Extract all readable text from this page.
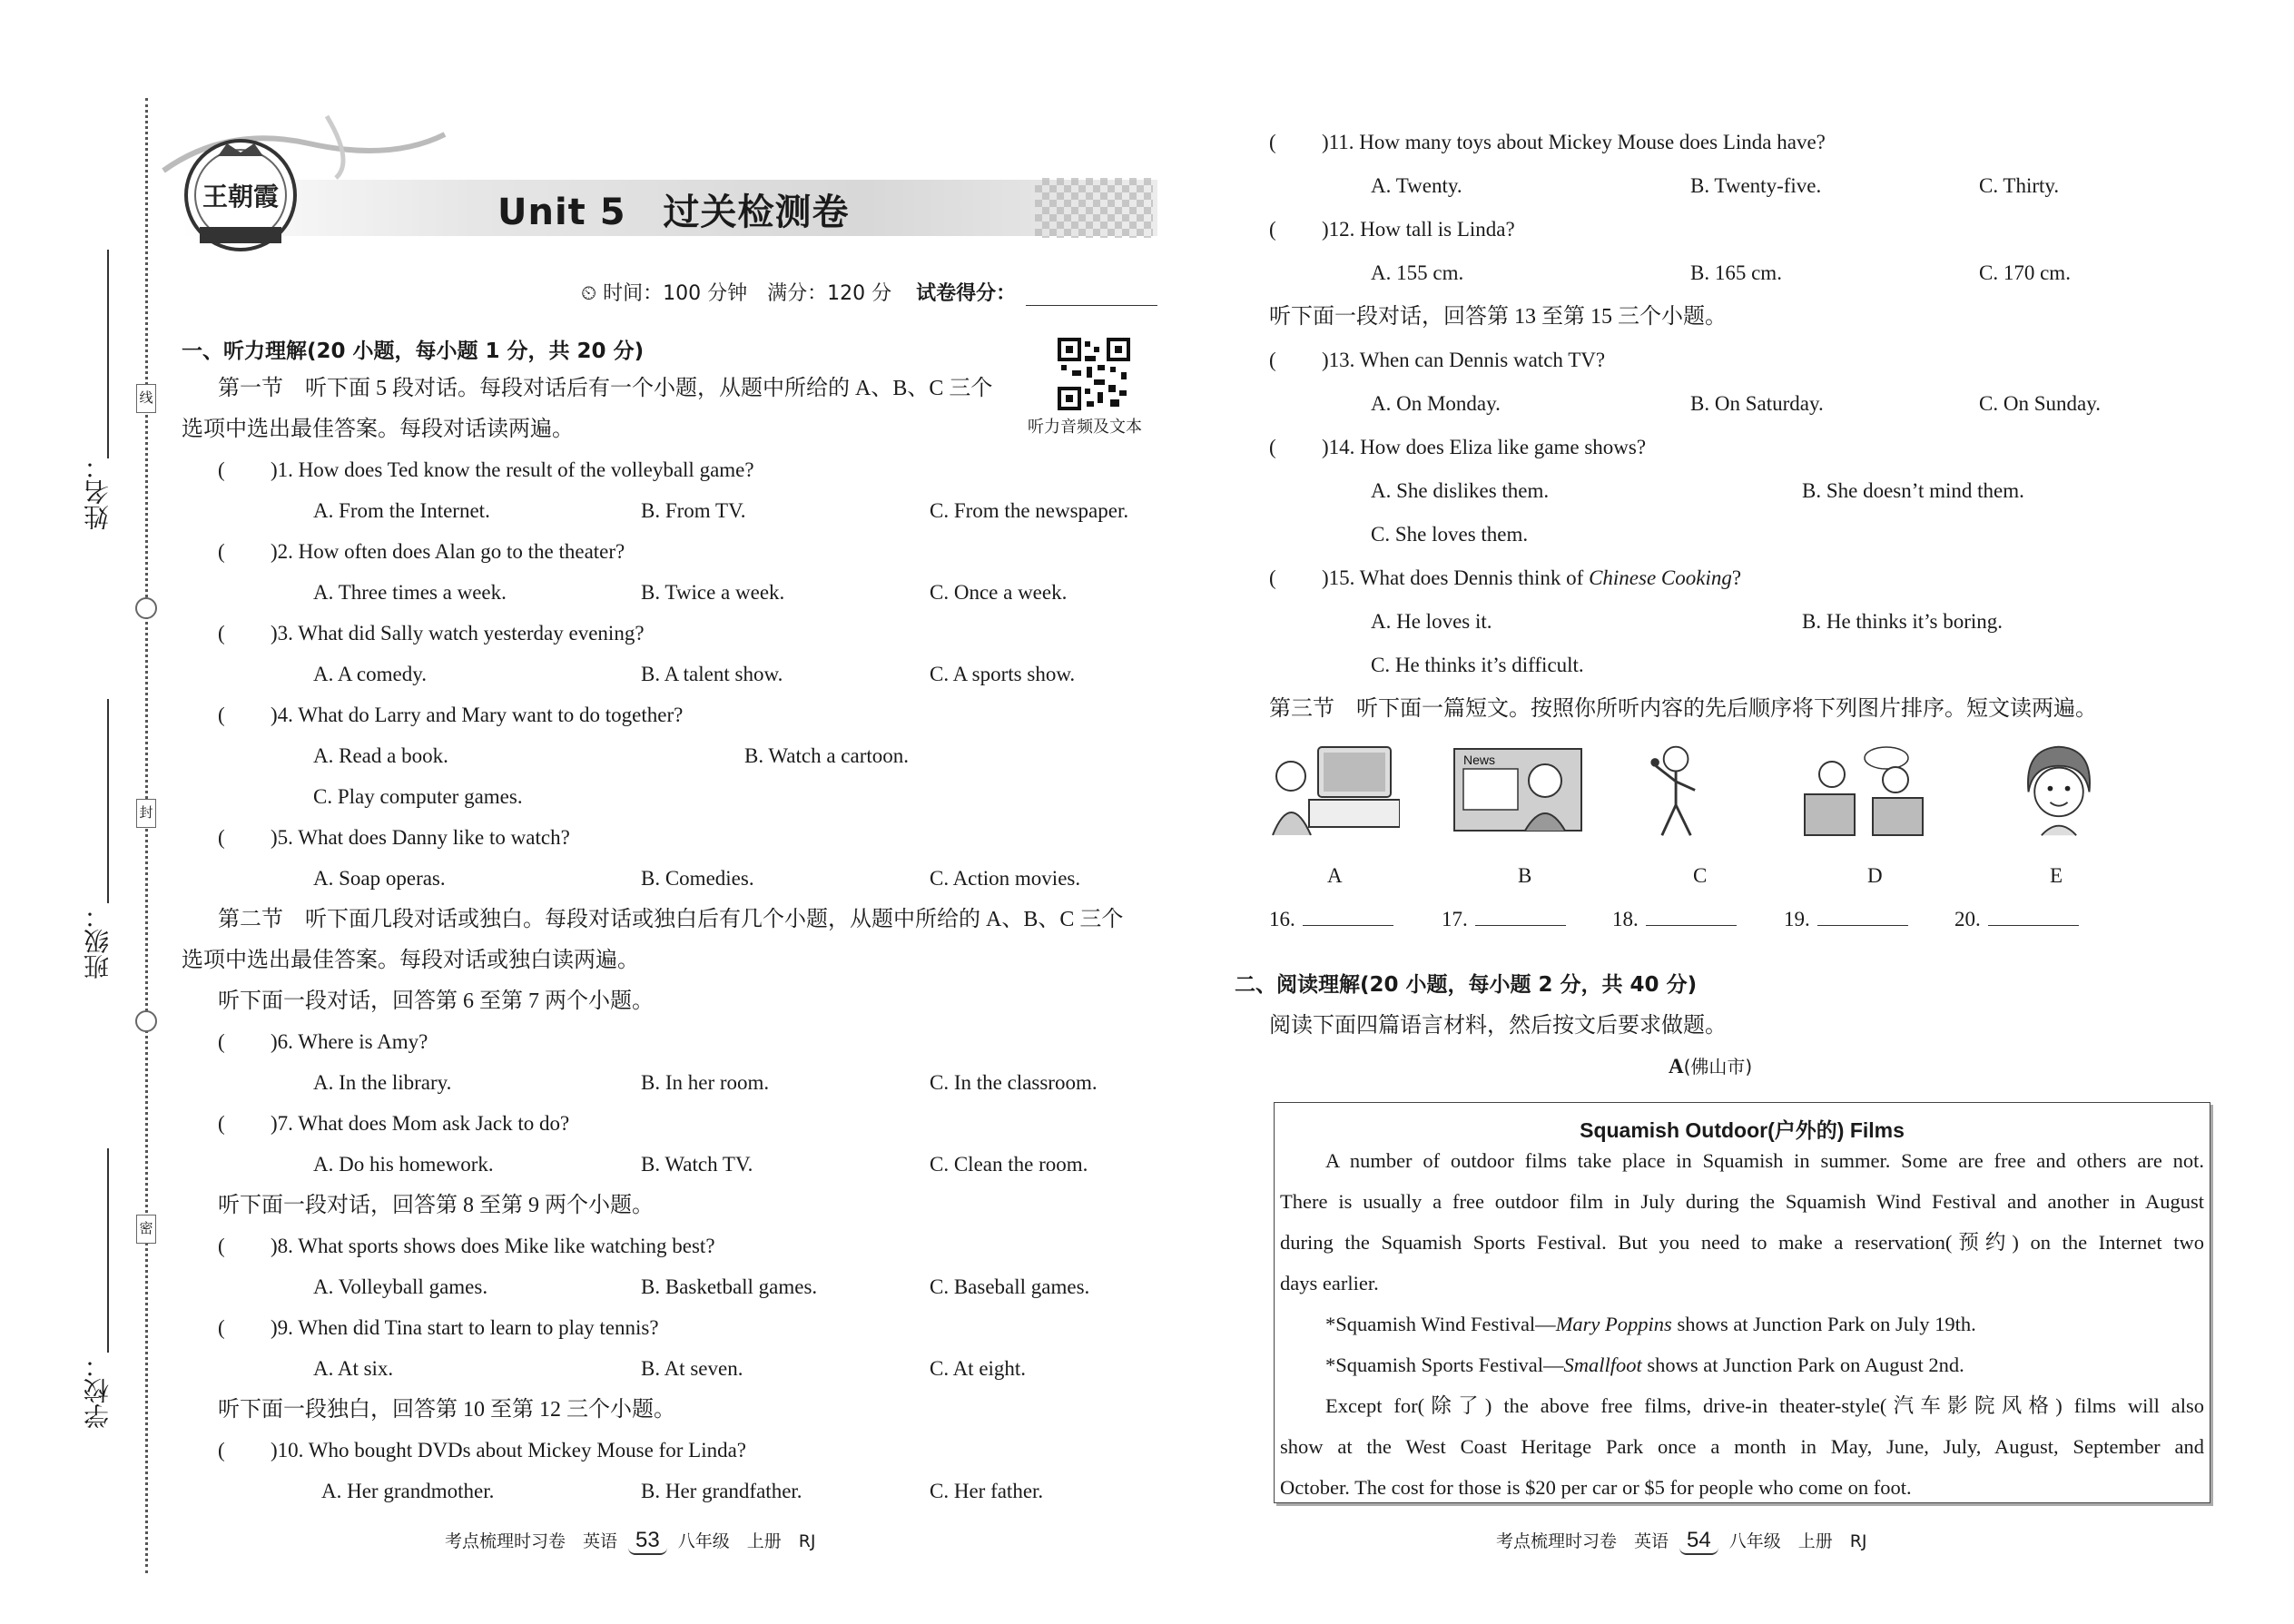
线
封
密
姓名：
班级：
学校：
王朝霞	Unit 5　过关检测卷
⏲ 时间：100 分钟　满分：120 分 试卷得分：
听力音频及文本
一、听力理解(20 小题，每小题 1 分，共 20 分)
第一节　听下面 5 段对话。每段对话后有一个小题，从题中所给的 A、B、C 三个
选项中选出最佳答案。每段对话读两遍。
( )1. How does Ted know the result of the volleyball game?
A. From the Internet.	B. From TV.	C. From the newspaper.
( )2. How often does Alan go to the theater?
A. Three times a week.	B. Twice a week.	C. Once a week.
( )3. What did Sally watch yesterday evening?
A. A comedy.	B. A talent show.	C. A sports show.
( )4. What do Larry and Mary want to do together?
A. Read a book.	B. Watch a cartoon.
C. Play computer games.
( )5. What does Danny like to watch?
A. Soap operas.	B. Comedies.	C. Action movies.
第二节　听下面几段对话或独白。每段对话或独白后有几个小题，从题中所给的 A、B、C 三个
选项中选出最佳答案。每段对话或独白读两遍。
听下面一段对话，回答第 6 至第 7 两个小题。
( )6. Where is Amy?
A. In the library.	B. In her room.	C. In the classroom.
( )7. What does Mom ask Jack to do?
A. Do his homework.	B. Watch TV.	C. Clean the room.
听下面一段对话，回答第 8 至第 9 两个小题。
( )8. What sports shows does Mike like watching best?
A. Volleyball games.	B. Basketball games.	C. Baseball games.
( )9. When did Tina start to learn to play tennis?
A. At six.	B. At seven.	C. At eight.
听下面一段独白，回答第 10 至第 12 三个小题。
( )10. Who bought DVDs about Mickey Mouse for Linda?
A. Her grandmother.	B. Her grandfather.	C. Her father.
( )11. How many toys about Mickey Mouse does Linda have?
A. Twenty.	B. Twenty-five.	C. Thirty.
( )12. How tall is Linda?
A. 155 cm.	B. 165 cm.	C. 170 cm.
听下面一段对话，回答第 13 至第 15 三个小题。
( )13. When can Dennis watch TV?
A. On Monday.	B. On Saturday.	C. On Sunday.
( )14. How does Eliza like game shows?
A. She dislikes them.	B. She doesn’t mind them.
C. She loves them.
( )15. What does Dennis think of Chinese Cooking?
A. He loves it.	B. He thinks it’s boring.
C. He thinks it’s difficult.
第三节　听下面一篇短文。按照你所听内容的先后顺序将下列图片排序。短文读两遍。
News
A	B	C	D	E
16.	17.	18.	19.	20.
二、阅读理解(20 小题，每小题 2 分，共 40 分)
阅读下面四篇语言材料，然后按文后要求做题。
A(佛山市)
Squamish Outdoor(户外的) Films
A number of outdoor films take place in Squamish in summer. Some are free and others are not.
There is usually a free outdoor film in July during the Squamish Wind Festival and another in August
during the Squamish Sports Festival. But you need to make a reservation(预约) on the Internet two
days earlier.
*Squamish Wind Festival—Mary Poppins shows at Junction Park on July 19th.
*Squamish Sports Festival—Smallfoot shows at Junction Park on August 2nd.
Except for(除了) the above free films, drive-in theater-style(汽车影院风格) films will also
show at the West Coast Heritage Park once a month in May, June, July, August, September and
October. The cost for those is $20 per car or $5 for people who come on foot.
考点梳理时习卷　英语 53 八年级　上册　RJ	考点梳理时习卷　英语 54 八年级　上册　RJ
